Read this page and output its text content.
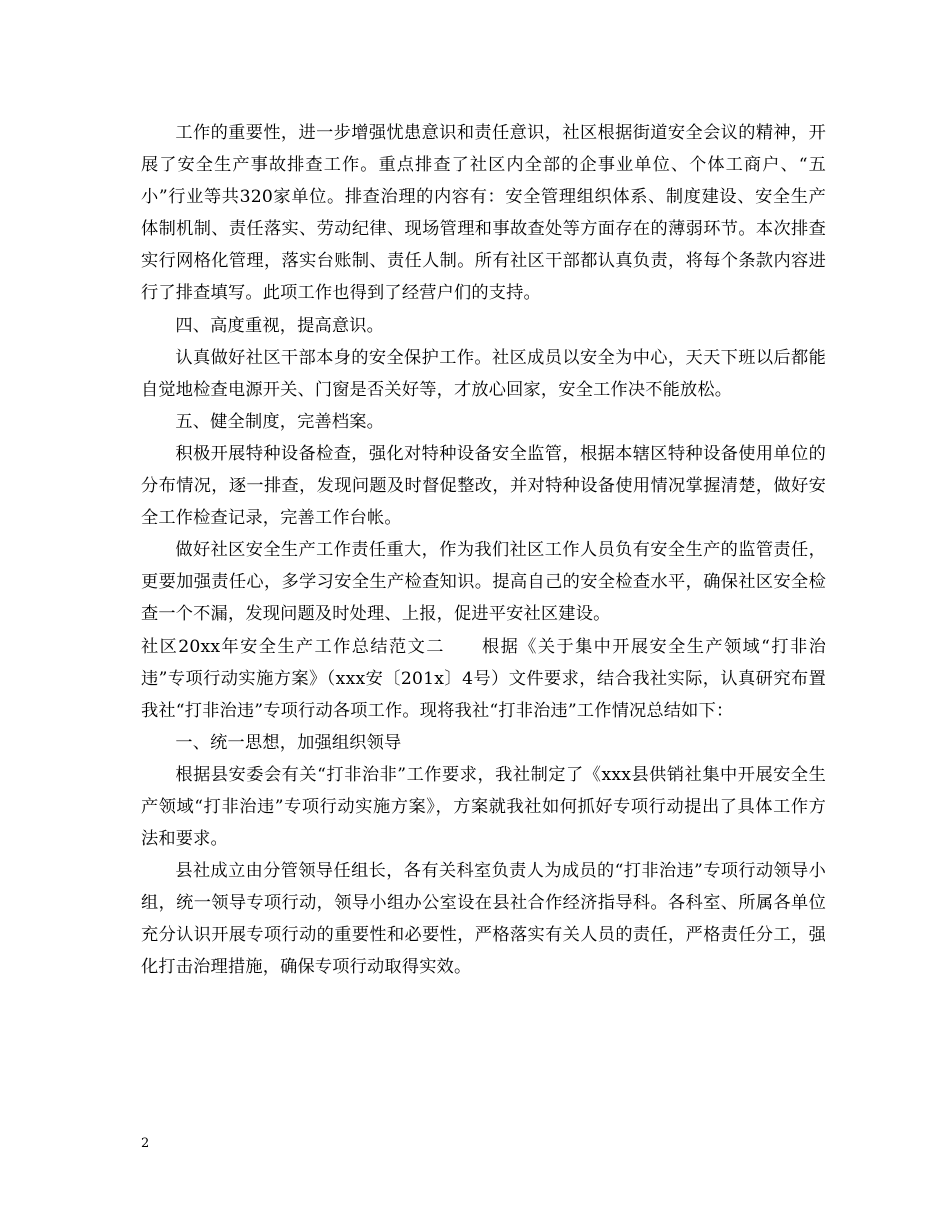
工作的重要性，进一步增强忧患意识和责任意识，社区根据街道安全会议的精神，开展了安全生产事故排查工作。重点排查了社区内全部的企事业单位、个体工商户、“五小”行业等共320家单位。排查治理的内容有：安全管理组织体系、制度建设、安全生产体制机制、责任落实、劳动纪律、现场管理和事故查处等方面存在的薄弱环节。本次排查实行网格化管理，落实台账制、责任人制。所有社区干部都认真负责，将每个条款内容进行了排查填写。此项工作也得到了经营户们的支持。

四、高度重视，提高意识。

认真做好社区干部本身的安全保护工作。社区成员以安全为中心，天天下班以后都能自觉地检查电源开关、门窗是否关好等，才放心回家，安全工作决不能放松。

五、健全制度，完善档案。

积极开展特种设备检查，强化对特种设备安全监管，根据本辖区特种设备使用单位的分布情况，逐一排查，发现问题及时督促整改，并对特种设备使用情况掌握清楚，做好安全工作检查记录，完善工作台帐。

做好社区安全生产工作责任重大，作为我们社区工作人员负有安全生产的监管责任，更要加强责任心，多学习安全生产检查知识。提高自己的安全检查水平，确保社区安全检查一个不漏，发现问题及时处理、上报，促进平安社区建设。

社区20xx年安全生产工作总结范文二　　根据《关于集中开展安全生产领域“打非治违”专项行动实施方案》（xxx安〔201x〕4号）文件要求，结合我社实际，认真研究布置我社“打非治违”专项行动各项工作。现将我社“打非治违”工作情况总结如下：

一、统一思想，加强组织领导

根据县安委会有关“打非治非”工作要求，我社制定了《xxx县供销社集中开展安全生产领域“打非治违”专项行动实施方案》，方案就我社如何抓好专项行动提出了具体工作方法和要求。

县社成立由分管领导任组长，各有关科室负责人为成员的“打非治违”专项行动领导小组，统一领导专项行动，领导小组办公室设在县社合作经济指导科。各科室、所属各单位充分认识开展专项行动的重要性和必要性，严格落实有关人员的责任，严格责任分工，强化打击治理措施，确保专项行动取得实效。

2
